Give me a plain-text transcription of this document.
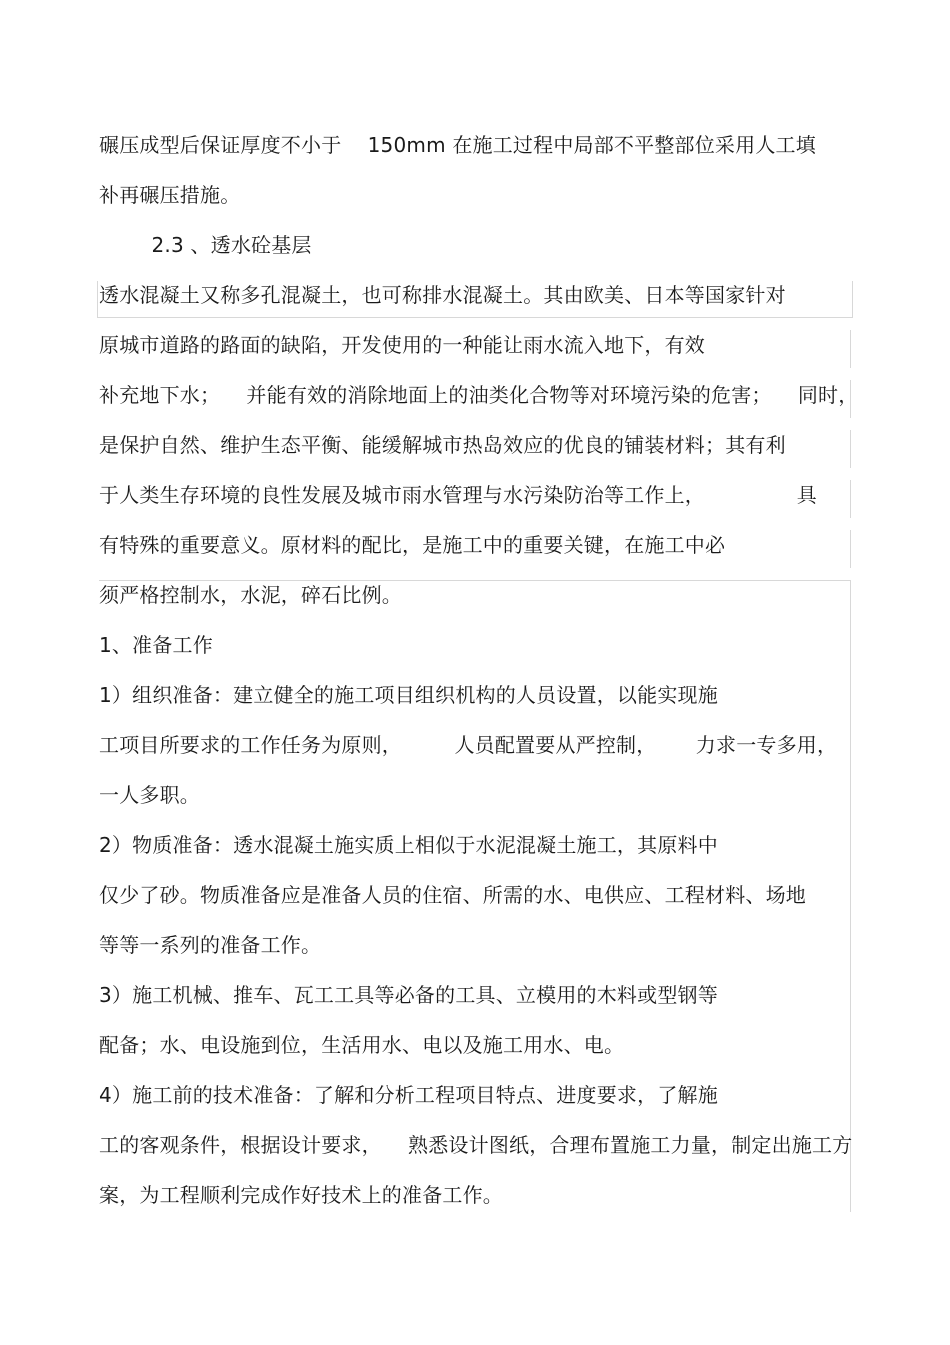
碾压成型后保证厚度不小于    150mm 在施工过程中局部不平整部位采用人工填
补再碾压措施。
2.3 、透水砼基层
透水混凝土又称多孔混凝土，也可称排水混凝土。其由欧美、日本等国家针对
原城市道路的路面的缺陷，开发使用的一种能让雨水流入地下，有效
补充地下水；    并能有效的消除地面上的油类化合物等对环境污染的危害；    同时，
是保护自然、维护生态平衡、能缓解城市热岛效应的优良的铺装材料；其有利
于人类生存环境的良性发展及城市雨水管理与水污染防治等工作上，              具
有特殊的重要意义。原材料的配比，是施工中的重要关键，在施工中必
须严格控制水，水泥，碎石比例。
1、准备工作
1）组织准备：建立健全的施工项目组织机构的人员设置，以能实现施
工项目所要求的工作任务为原则，        人员配置要从严控制，      力求一专多用，
一人多职。
2）物质准备：透水混凝土施实质上相似于水泥混凝土施工，其原料中
仅少了砂。物质准备应是准备人员的住宿、所需的水、电供应、工程材料、场地
等等一系列的准备工作。
3）施工机械、推车、瓦工工具等必备的工具、立模用的木料或型钢等
配备；水、电设施到位，生活用水、电以及施工用水、电。
4）施工前的技术准备：了解和分析工程项目特点、进度要求，了解施
工的客观条件，根据设计要求，    熟悉设计图纸，合理布置施工力量，制定出施工方
案，为工程顺利完成作好技术上的准备工作。
